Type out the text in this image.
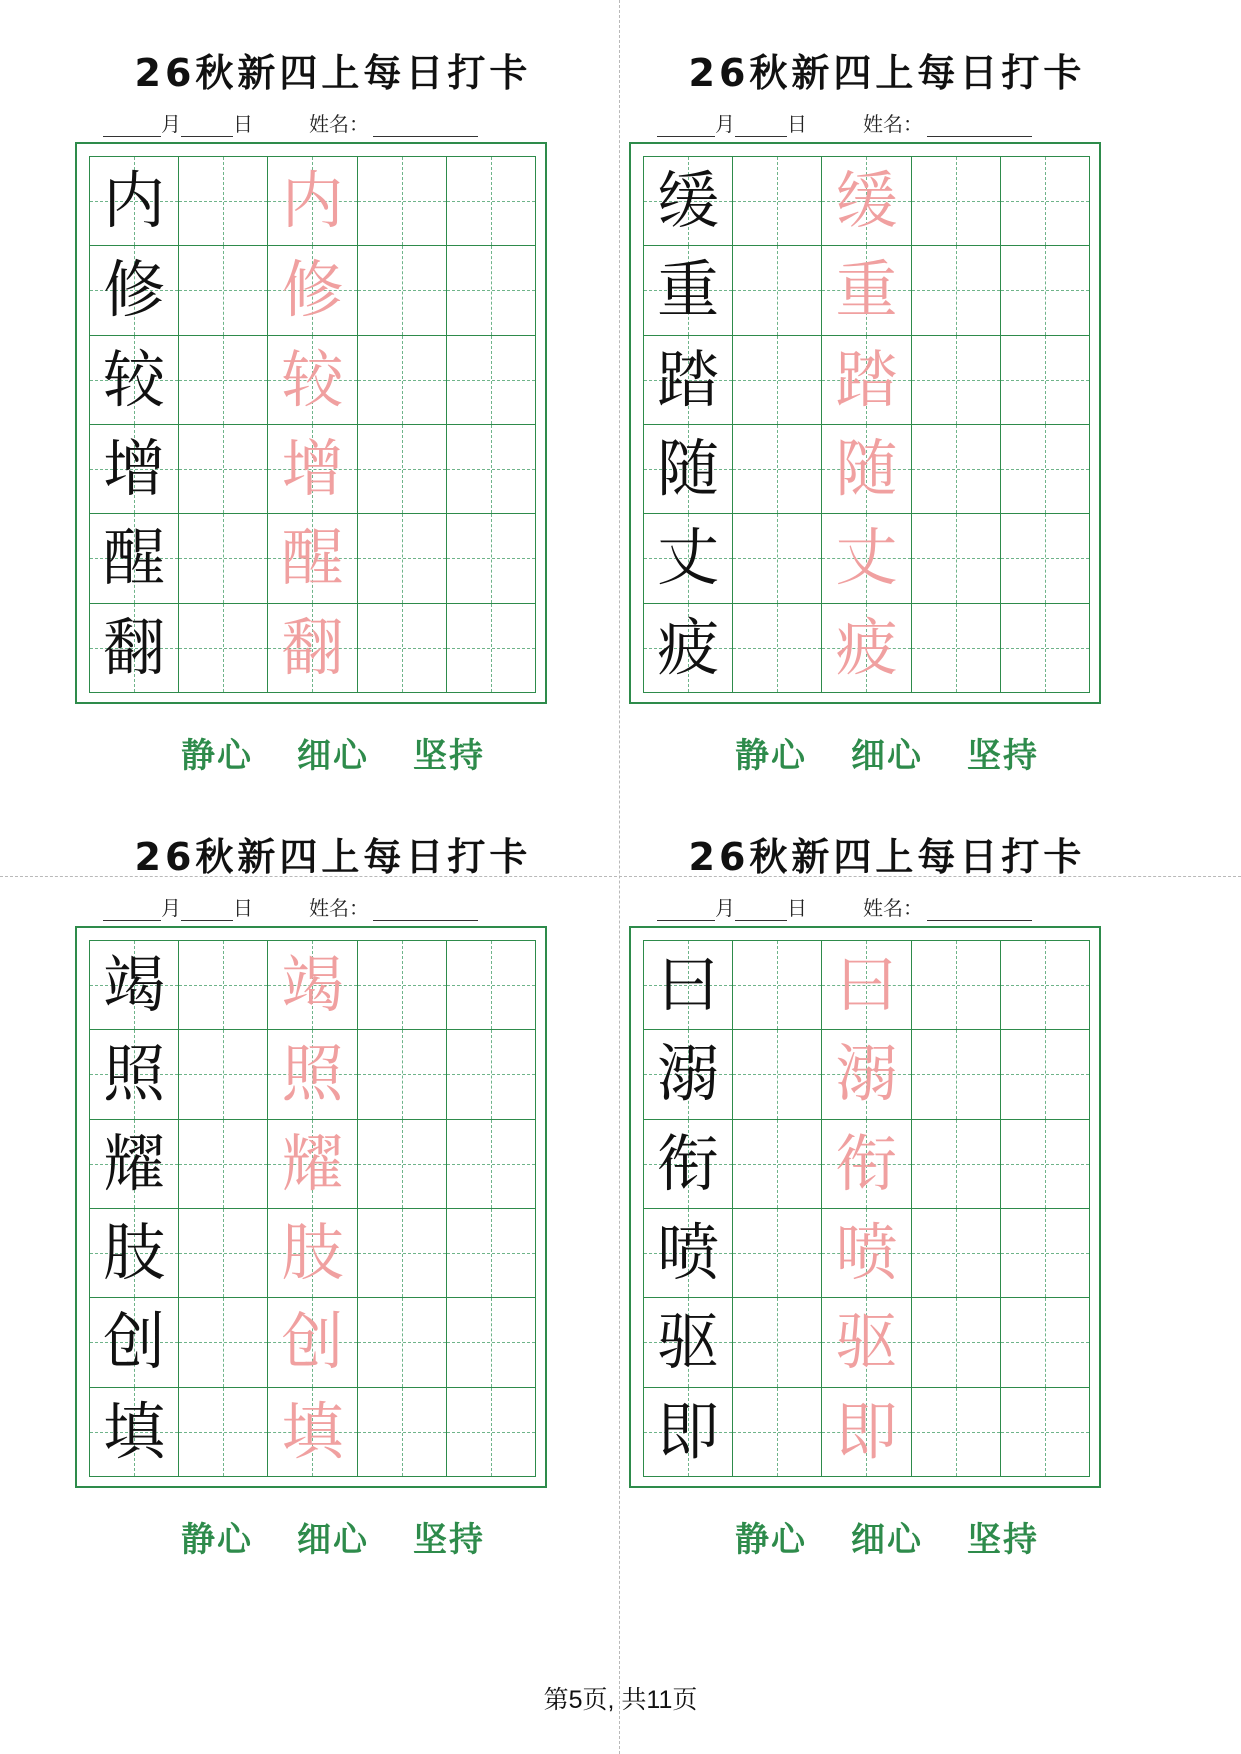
26秋新四上每日打卡
月	日	姓名：
内 内
修 修
较 较
增 增
醒 醒
翻 翻
静心 细心 坚持
26秋新四上每日打卡
月	日	姓名：
缓 缓
重 重
踏 踏
随 随
丈 丈
疲 疲
静心 细心 坚持
26秋新四上每日打卡
月	日	姓名：
竭 竭
照 照
耀 耀
肢 肢
创 创
填 填
静心 细心 坚持
26秋新四上每日打卡
月	日	姓名：
曰 曰
溺 溺
衔 衔
喷 喷
驱 驱
即 即
静心 细心 坚持
第5页, 共11页
